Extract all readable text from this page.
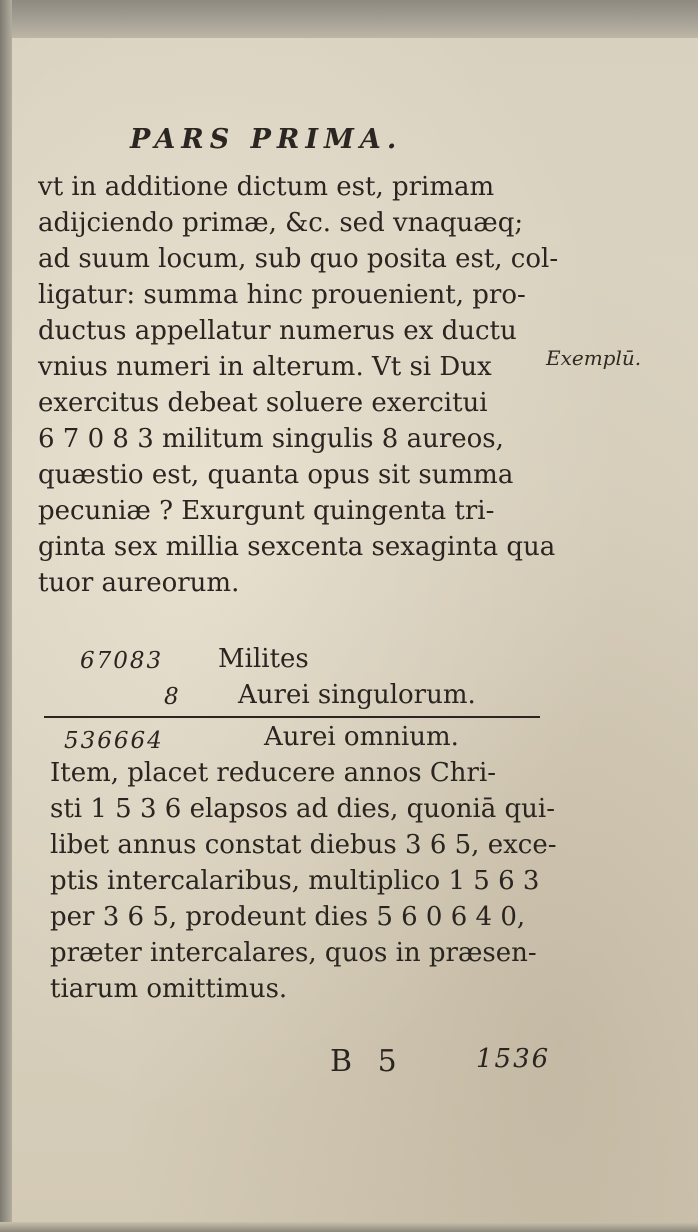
PARS PRIMA.
vt in additione dictum est, primam
adijciendo primæ, &c. sed vnaquæq;
ad suum locum, sub quo posita est, col-
ligatur: summa hinc prouenient, pro-
ductus appellatur numerus ex ductu
vnius numeri in alterum. Vt si Dux
exercitus debeat soluere exercitui
6 7 0 8 3 militum singulis 8 aureos,
quæstio est, quanta opus sit summa
pecuniæ ? Exurgunt quingenta tri-
ginta sex millia sexcenta sexaginta qua
tuor aureorum.
Exemplū.
67083 Milites
8 Aurei singulorum.
536664	Aurei omnium.
Item, placet reducere annos Chri-
sti 1 5 3 6 elapsos ad dies, quoniā qui-
libet annus constat diebus 3 6 5, exce-
ptis intercalaribus, multiplico 1 5 6 3
per 3 6 5, prodeunt dies 5 6 0 6 4 0,
præter intercalares, quos in præsen-
tiarum omittimus.
B 5	1536
